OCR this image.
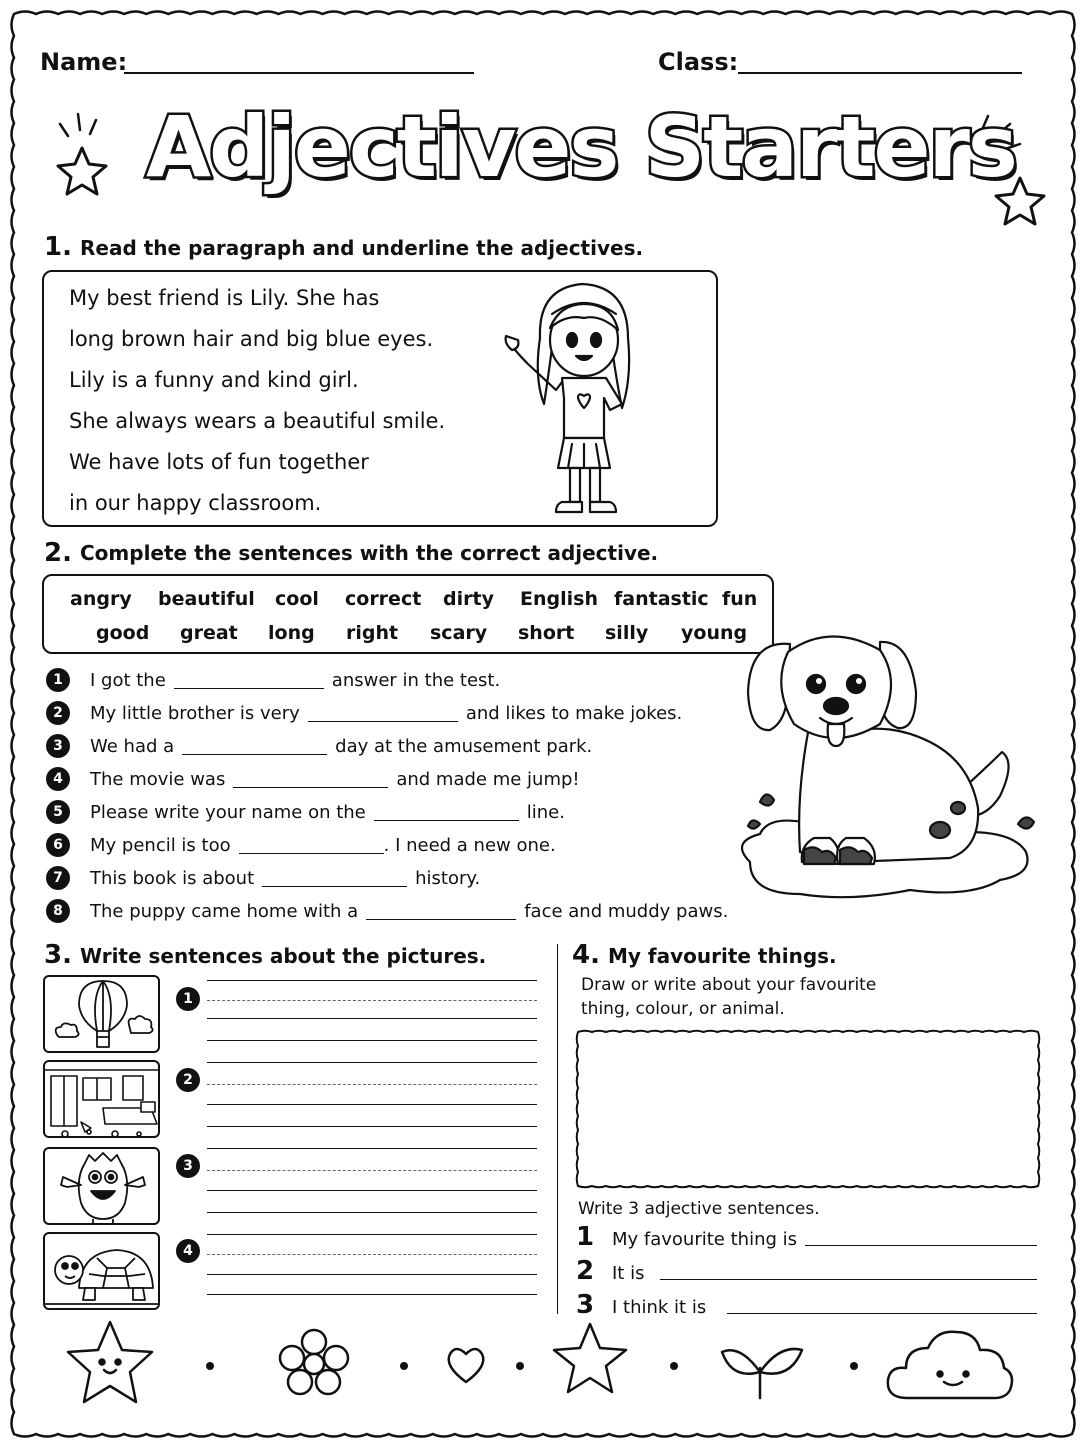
Name:	Class:
Adjectives Starters
1. Read the paragraph and underline the adjectives.
My best friend is Lily. She has
long brown hair and big blue eyes.
Lily is a funny and kind girl.
She always wears a beautiful smile.
We have lots of fun together
in our happy classroom.
2. Complete the sentences with the correct adjective.
angry beautiful cool correct dirty English fantastic fun
good great long right scary short silly young
1	I got the	answer in the test.
2	My little brother is very	and likes to make jokes.
3	We had a	day at the amusement park.
4	The movie was	and made me jump!
5	Please write your name on the	line.
6	My pencil is too	. I need a new one.
7	This book is about	history.
8	The puppy came home with a	face and muddy paws.
3. Write sentences about the pictures.
1
2
3
4
4. My favourite things.
Draw or write about your favourite
thing, colour, or animal.
Write 3 adjective sentences.
1 My favourite thing is
2 It is
3 I think it is
